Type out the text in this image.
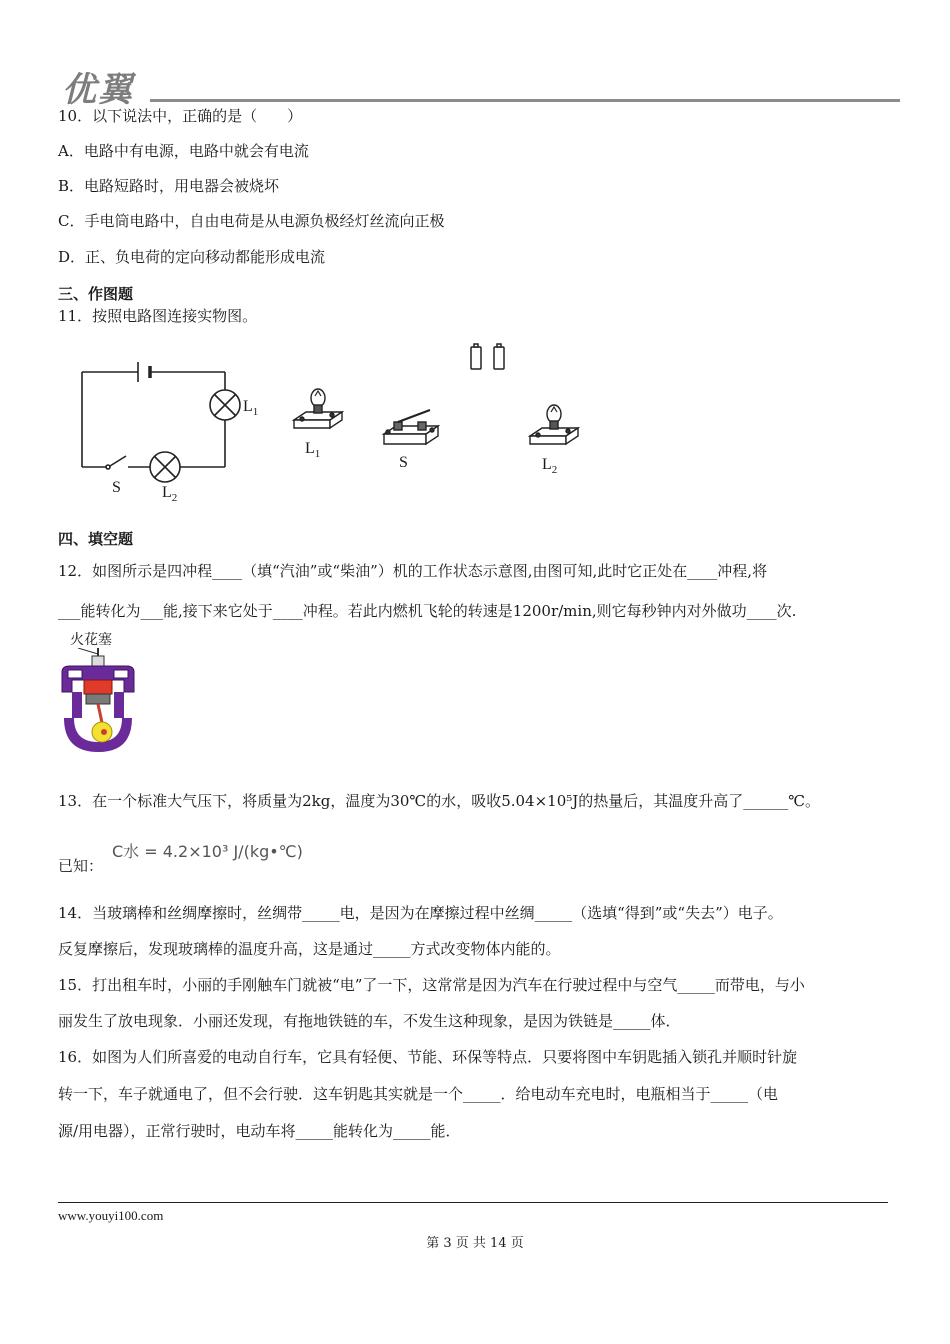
优翼
10．以下说法中，正确的是（　　）
A．电路中有电源，电路中就会有电流
B．电路短路时，用电器会被烧坏
C．手电筒电路中，自由电荷是从电源负极经灯丝流向正极
D．正、负电荷的定向移动都能形成电流
三、作图题
11．按照电路图连接实物图。
$L_1$
S	$L_2$
$L_1$	S	$L_2$
四、填空题
12．如图所示是四冲程____（填“汽油”或“柴油”）机的工作状态示意图,由图可知,此时它正处在____冲程,将
___能转化为___能,接下来它处于____冲程。若此内燃机飞轮的转速是1200r/min,则它每秒钟内对外做功____次.
火花塞
13．在一个标准大气压下，将质量为2kg，温度为30℃的水，吸收5.04×10⁵J的热量后，其温度升高了______℃。
已知：
C水 = 4.2×10³ J/(kg•℃)
14．当玻璃棒和丝绸摩擦时，丝绸带_____电，是因为在摩擦过程中丝绸_____（选填“得到”或“失去”）电子。
反复摩擦后，发现玻璃棒的温度升高，这是通过_____方式改变物体内能的。
15．打出租车时，小丽的手刚触车门就被“电”了一下，这常常是因为汽车在行驶过程中与空气_____而带电，与小
丽发生了放电现象．小丽还发现，有拖地铁链的车，不发生这种现象，是因为铁链是_____体．
16．如图为人们所喜爱的电动自行车，它具有轻便、节能、环保等特点．只要将图中车钥匙插入锁孔并顺时针旋
转一下，车子就通电了，但不会行驶．这车钥匙其实就是一个_____．给电动车充电时，电瓶相当于_____（电
源/用电器），正常行驶时，电动车将_____能转化为_____能．
www.youyi100.com
第 3 页 共 14 页
